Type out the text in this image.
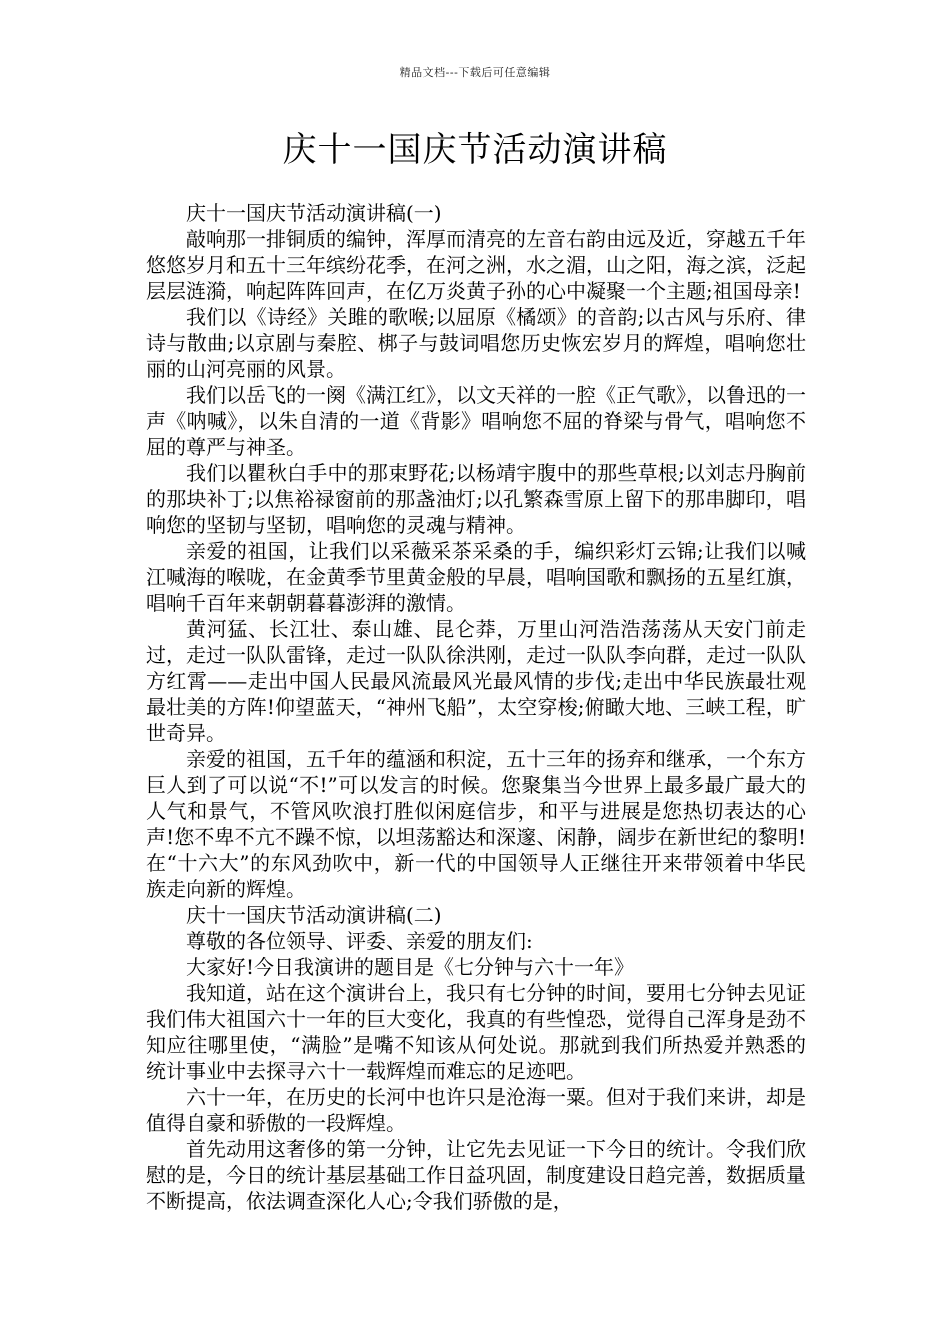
精品文档---下载后可任意编辑
庆十一国庆节活动演讲稿

庆十一国庆节活动演讲稿(一)

敲响那一排铜质的编钟，浑厚而清亮的左音右韵由远及近，穿越五千年悠悠岁月和五十三年缤纷花季，在河之洲，水之湄，山之阳，海之滨，泛起层层涟漪，响起阵阵回声，在亿万炎黄子孙的心中凝聚一个主题;祖国母亲!

我们以《诗经》关雎的歌喉;以屈原《橘颂》的音韵;以古风与乐府、律诗与散曲;以京剧与秦腔、梆子与鼓词唱您历史恢宏岁月的辉煌，唱响您壮丽的山河亮丽的风景。

我们以岳飞的一阕《满江红》，以文天祥的一腔《正气歌》，以鲁迅的一声《呐喊》，以朱自清的一道《背影》唱响您不屈的脊梁与骨气，唱响您不屈的尊严与神圣。

我们以瞿秋白手中的那束野花;以杨靖宇腹中的那些草根;以刘志丹胸前的那块补丁;以焦裕禄窗前的那盏油灯;以孔繁森雪原上留下的那串脚印，唱响您的坚韧与坚韧，唱响您的灵魂与精神。

亲爱的祖国，让我们以采薇采茶采桑的手，编织彩灯云锦;让我们以喊江喊海的喉咙，在金黄季节里黄金般的早晨，唱响国歌和飘扬的五星红旗，唱响千百年来朝朝暮暮澎湃的激情。

黄河猛、长江壮、泰山雄、昆仑莽，万里山河浩浩荡荡从天安门前走过，走过一队队雷锋，走过一队队徐洪刚，走过一队队李向群，走过一队队方红霄——走出中国人民最风流最风光最风情的步伐;走出中华民族最壮观最壮美的方阵!仰望蓝天，“神州飞船”，太空穿梭;俯瞰大地、三峡工程，旷世奇异。

亲爱的祖国，五千年的蕴涵和积淀，五十三年的扬弃和继承，一个东方巨人到了可以说“不!”可以发言的时候。您聚集当今世界上最多最广最大的人气和景气，不管风吹浪打胜似闲庭信步，和平与进展是您热切表达的心声!您不卑不亢不躁不惊，以坦荡豁达和深邃、闲静，阔步在新世纪的黎明!在“十六大”的东风劲吹中，新一代的中国领导人正继往开来带领着中华民族走向新的辉煌。

庆十一国庆节活动演讲稿(二)

尊敬的各位领导、评委、亲爱的朋友们:

大家好!今日我演讲的题目是《七分钟与六十一年》

我知道，站在这个演讲台上，我只有七分钟的时间，要用七分钟去见证我们伟大祖国六十一年的巨大变化，我真的有些惶恐，觉得自己浑身是劲不知应往哪里使，“满脸”是嘴不知该从何处说。那就到我们所热爱并熟悉的统计事业中去探寻六十一载辉煌而难忘的足迹吧。

六十一年，在历史的长河中也许只是沧海一粟。但对于我们来讲，却是值得自豪和骄傲的一段辉煌。

首先动用这奢侈的第一分钟，让它先去见证一下今日的统计。令我们欣慰的是，今日的统计基层基础工作日益巩固，制度建设日趋完善，数据质量不断提高，依法调查深化人心;令我们骄傲的是，
